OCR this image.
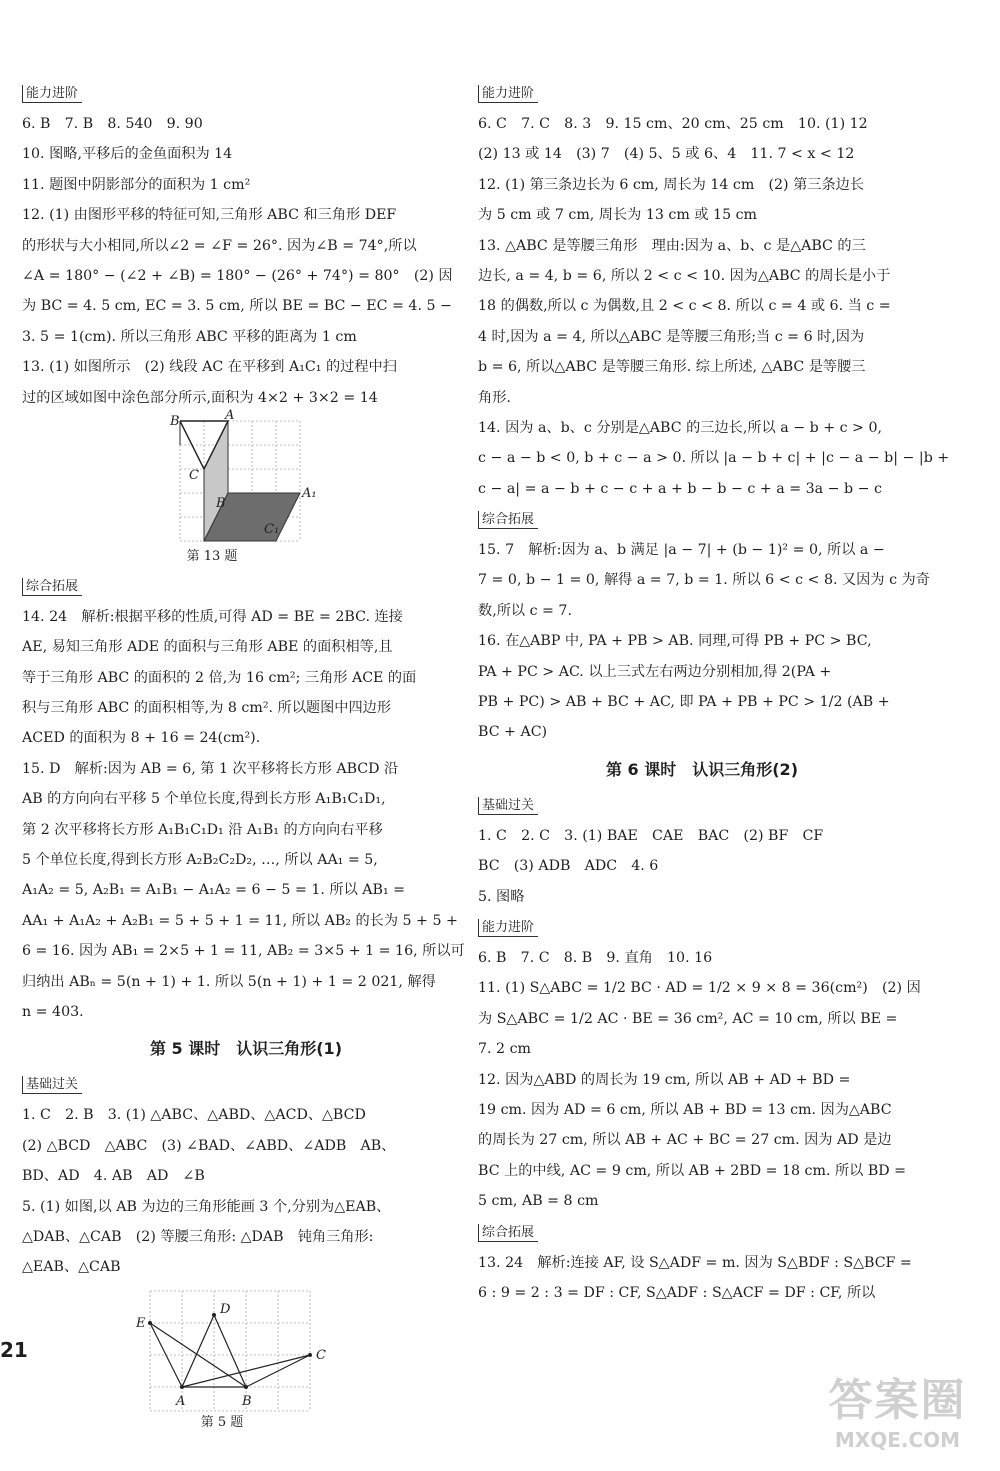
能力进阶
6. B　7. B　8. 540　9. 90
10. 图略,平移后的金鱼面积为 14
11. 题图中阴影部分的面积为 1 cm²
12. (1) 由图形平移的特征可知,三角形 ABC 和三角形 DEF
的形状与大小相同,所以∠2 = ∠F = 26°. 因为∠B = 74°,所以
∠A = 180° − (∠2 + ∠B) = 180° − (26° + 74°) = 80°　(2) 因
为 BC = 4. 5 cm, EC = 3. 5 cm, 所以 BE = BC − EC = 4. 5 −
3. 5 = 1(cm). 所以三角形 ABC 平移的距离为 1 cm
13. (1) 如图所示　(2) 线段 AC 在平移到 A₁C₁ 的过程中扫
过的区域如图中涂色部分所示,面积为 4×2 + 3×2 = 14
B	A
C
B
A₁
C₁
第 13 题
综合拓展
14. 24　解析:根据平移的性质,可得 AD = BE = 2BC. 连接
AE, 易知三角形 ADE 的面积与三角形 ABE 的面积相等,且
等于三角形 ABC 的面积的 2 倍,为 16 cm²; 三角形 ACE 的面
积与三角形 ABC 的面积相等,为 8 cm². 所以题图中四边形
ACED 的面积为 8 + 16 = 24(cm²).
15. D　解析:因为 AB = 6, 第 1 次平移将长方形 ABCD 沿
AB 的方向向右平移 5 个单位长度,得到长方形 A₁B₁C₁D₁,
第 2 次平移将长方形 A₁B₁C₁D₁ 沿 A₁B₁ 的方向向右平移
5 个单位长度,得到长方形 A₂B₂C₂D₂, …, 所以 AA₁ = 5,
A₁A₂ = 5, A₂B₁ = A₁B₁ − A₁A₂ = 6 − 5 = 1. 所以 AB₁ =
AA₁ + A₁A₂ + A₂B₁ = 5 + 5 + 1 = 11, 所以 AB₂ 的长为 5 + 5 +
6 = 16. 因为 AB₁ = 2×5 + 1 = 11, AB₂ = 3×5 + 1 = 16, 所以可
归纳出 ABₙ = 5(n + 1) + 1. 所以 5(n + 1) + 1 = 2 021, 解得
n = 403.
第 5 课时　认识三角形(1)
基础过关
1. C　2. B　3. (1) △ABC、△ABD、△ACD、△BCD
(2) △BCD　△ABC　(3) ∠BAD、∠ABD、∠ADB　AB、
BD、AD　4. AB　AD　∠B
5. (1) 如图,以 AB 为边的三角形能画 3 个,分别为△EAB、
△DAB、△CAB　(2) 等腰三角形: △DAB　钝角三角形:
△EAB、△CAB
E
D
C
A	B
第 5 题
能力进阶
6. C　7. C　8. 3　9. 15 cm、20 cm、25 cm　10. (1) 12
(2) 13 或 14　(3) 7　(4) 5、5 或 6、4　11. 7 < x < 12
12. (1) 第三条边长为 6 cm, 周长为 14 cm　(2) 第三条边长
为 5 cm 或 7 cm, 周长为 13 cm 或 15 cm
13. △ABC 是等腰三角形　理由:因为 a、b、c 是△ABC 的三
边长, a = 4, b = 6, 所以 2 < c < 10. 因为△ABC 的周长是小于
18 的偶数,所以 c 为偶数,且 2 < c < 8. 所以 c = 4 或 6. 当 c =
4 时,因为 a = 4, 所以△ABC 是等腰三角形;当 c = 6 时,因为
b = 6, 所以△ABC 是等腰三角形. 综上所述, △ABC 是等腰三
角形.
14. 因为 a、b、c 分别是△ABC 的三边长,所以 a − b + c > 0,
c − a − b < 0, b + c − a > 0. 所以 |a − b + c| + |c − a − b| − |b +
c − a| = a − b + c − c + a + b − b − c + a = 3a − b − c
综合拓展
15. 7　解析:因为 a、b 满足 |a − 7| + (b − 1)² = 0, 所以 a −
7 = 0, b − 1 = 0, 解得 a = 7, b = 1. 所以 6 < c < 8. 又因为 c 为奇
数,所以 c = 7.
16. 在△ABP 中, PA + PB > AB. 同理,可得 PB + PC > BC,
PA + PC > AC. 以上三式左右两边分别相加,得 2(PA +
PB + PC) > AB + BC + AC, 即 PA + PB + PC > 1/2 (AB +
BC + AC)
第 6 课时　认识三角形(2)
基础过关
1. C　2. C　3. (1) BAE　CAE　BAC　(2) BF　CF
BC　(3) ADB　ADC　4. 6
5. 图略
能力进阶
6. B　7. C　8. B　9. 直角　10. 16
11. (1) S△ABC = 1/2 BC · AD = 1/2 × 9 × 8 = 36(cm²)　(2) 因
为 S△ABC = 1/2 AC · BE = 36 cm², AC = 10 cm, 所以 BE =
7. 2 cm
12. 因为△ABD 的周长为 19 cm, 所以 AB + AD + BD =
19 cm. 因为 AD = 6 cm, 所以 AB + BD = 13 cm. 因为△ABC
的周长为 27 cm, 所以 AB + AC + BC = 27 cm. 因为 AD 是边
BC 上的中线, AC = 9 cm, 所以 AB + 2BD = 18 cm. 所以 BD =
5 cm, AB = 8 cm
综合拓展
13. 24　解析:连接 AF, 设 S△ADF = m. 因为 S△BDF : S△BCF =
6 : 9 = 2 : 3 = DF : CF, S△ADF : S△ACF = DF : CF, 所以
21
答案圈
MXQE.COM
